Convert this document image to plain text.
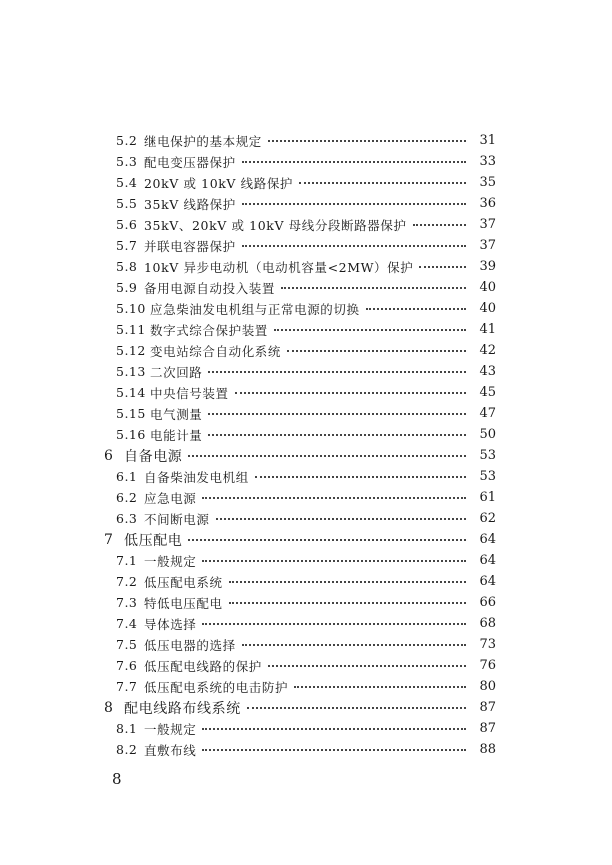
5.2 继电保护的基本规定	31
5.3 配电变压器保护	33
5.4 20kV 或 10kV 线路保护	35
5.5 35kV 线路保护	36
5.6 35kV、20kV 或 10kV 母线分段断路器保护	37
5.7 并联电容器保护	37
5.8 10kV 异步电动机（电动机容量<2MW）保护	39
5.9 备用电源自动投入装置	40
5.10 应急柴油发电机组与正常电源的切换	40
5.11 数字式综合保护装置	41
5.12 变电站综合自动化系统	42
5.13 二次回路	43
5.14 中央信号装置	45
5.15 电气测量	47
5.16 电能计量	50
6 自备电源	53
6.1 自备柴油发电机组	53
6.2 应急电源	61
6.3 不间断电源	62
7 低压配电	64
7.1 一般规定	64
7.2 低压配电系统	64
7.3 特低电压配电	66
7.4 导体选择	68
7.5 低压电器的选择	73
7.6 低压配电线路的保护	76
7.7 低压配电系统的电击防护	80
8 配电线路布线系统	87
8.1 一般规定	87
8.2 直敷布线	88
8
